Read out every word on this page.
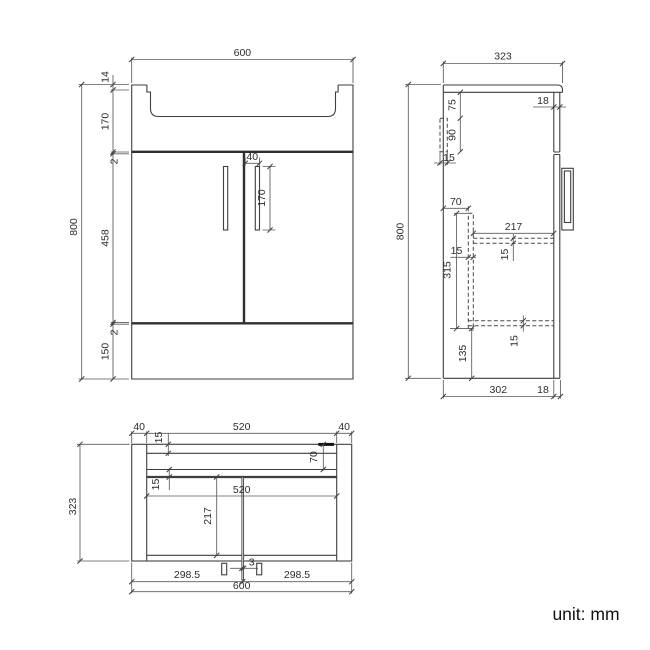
600
800
14
170
2
458
2
150
40
170
323
800
75
90
15
18
70
217
15
315
15
15
135
302	18
40
15
520	40
70
15	520
217
323
298.5
3
298.5
600
unit: mm
